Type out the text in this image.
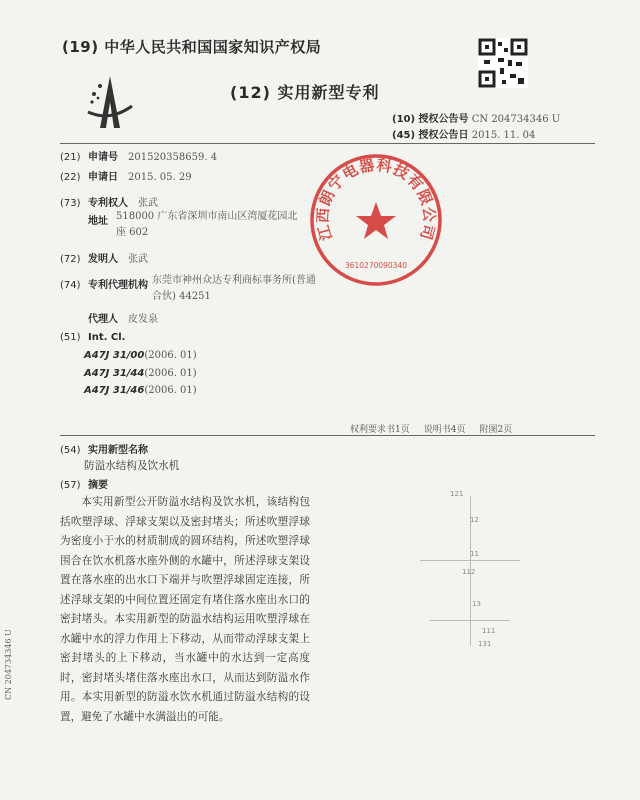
(19) 中华人民共和国国家知识产权局
(12) 实用新型专利
(10) 授权公告号 CN 204734346 U
(45) 授权公告日 2015. 11. 04
(21) 申请号 201520358659. 4
(22) 申请日 2015. 05. 29
(73) 专利权人 张武
地址 518000 广东省深圳市南山区湾厦花园北座 602
(72) 发明人 张武
(74) 专利代理机构 东莞市神州众达专利商标事务所(普通合伙) 44251
代理人 皮发泉
(51) Int. Cl.
A47J 31/00(2006. 01)
A47J 31/44(2006. 01)
A47J 31/46(2006. 01)
江西朗宁电器科技有限公司
3610270090340
权利要求书1页 说明书4页 附图2页
(54) 实用新型名称
防溢水结构及饮水机
(57) 摘要
本实用新型公开防溢水结构及饮水机，该结构包括吹塑浮球、浮球支架以及密封堵头；所述吹塑浮球为密度小于水的材质制成的圆环结构，所述吹塑浮球围合在饮水机落水座外侧的水罐中，所述浮球支架设置在落水座的出水口下端并与吹塑浮球固定连接，所述浮球支架的中间位置还固定有堵住落水座出水口的密封堵头。本实用新型的防溢水结构运用吹塑浮球在水罐中水的浮力作用上下移动，从而带动浮球支架上密封堵头的上下移动，当水罐中的水达到一定高度时，密封堵头堵住落水座出水口，从而达到防溢水作用。本实用新型的防溢水饮水机通过防溢水结构的设置，避免了水罐中水满溢出的可能。
121
12
11
112
13
111
131
CN 204734346 U
